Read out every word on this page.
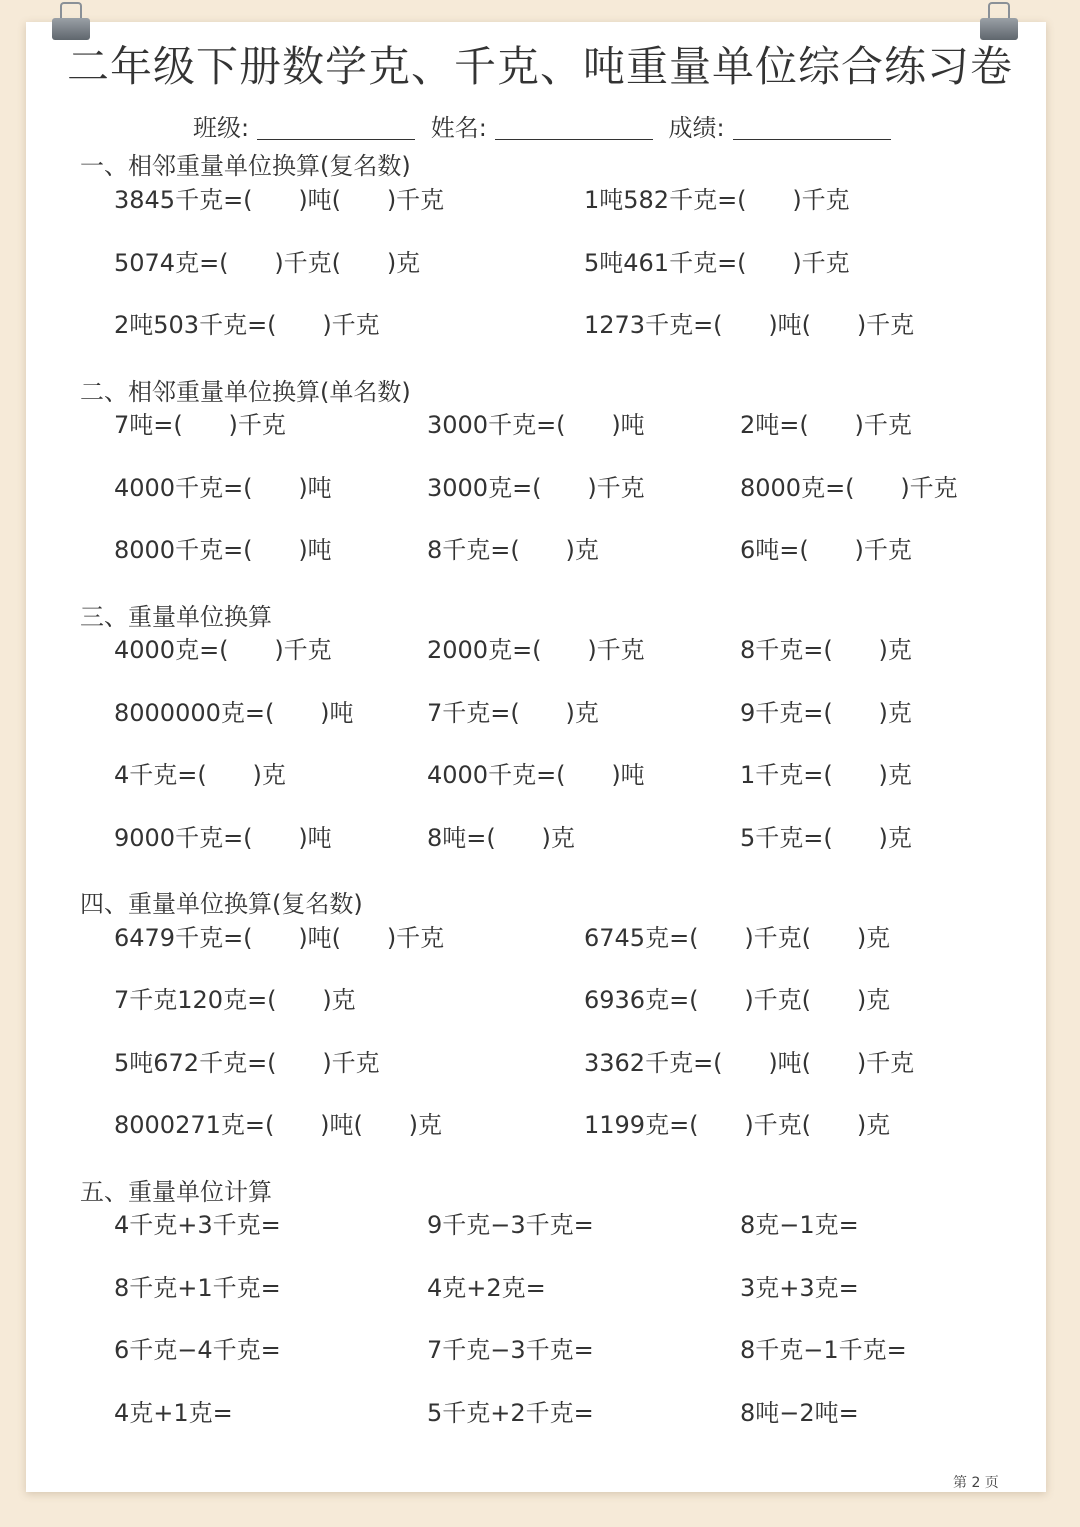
二年级下册数学克、千克、吨重量单位综合练习卷
班级:	姓名:	成绩:
一、相邻重量单位换算(复名数)
3845千克=(      )吨(      )千克	1吨582千克=(      )千克
5074克=(      )千克(      )克	5吨461千克=(      )千克
2吨503千克=(      )千克	1273千克=(      )吨(      )千克
二、相邻重量单位换算(单名数)
7吨=(      )千克	3000千克=(      )吨	2吨=(      )千克
4000千克=(      )吨	3000克=(      )千克	8000克=(      )千克
8000千克=(      )吨	8千克=(      )克	6吨=(      )千克
三、重量单位换算
4000克=(      )千克	2000克=(      )千克	8千克=(      )克
8000000克=(      )吨	7千克=(      )克	9千克=(      )克
4千克=(      )克	4000千克=(      )吨	1千克=(      )克
9000千克=(      )吨	8吨=(      )克	5千克=(      )克
四、重量单位换算(复名数)
6479千克=(      )吨(      )千克	6745克=(      )千克(      )克
7千克120克=(      )克	6936克=(      )千克(      )克
5吨672千克=(      )千克	3362千克=(      )吨(      )千克
8000271克=(      )吨(      )克	1199克=(      )千克(      )克
五、重量单位计算
4千克+3千克=	9千克−3千克=	8克−1克=
8千克+1千克=	4克+2克=	3克+3克=
6千克−4千克=	7千克−3千克=	8千克−1千克=
4克+1克=	5千克+2千克=	8吨−2吨=
第 2 页
